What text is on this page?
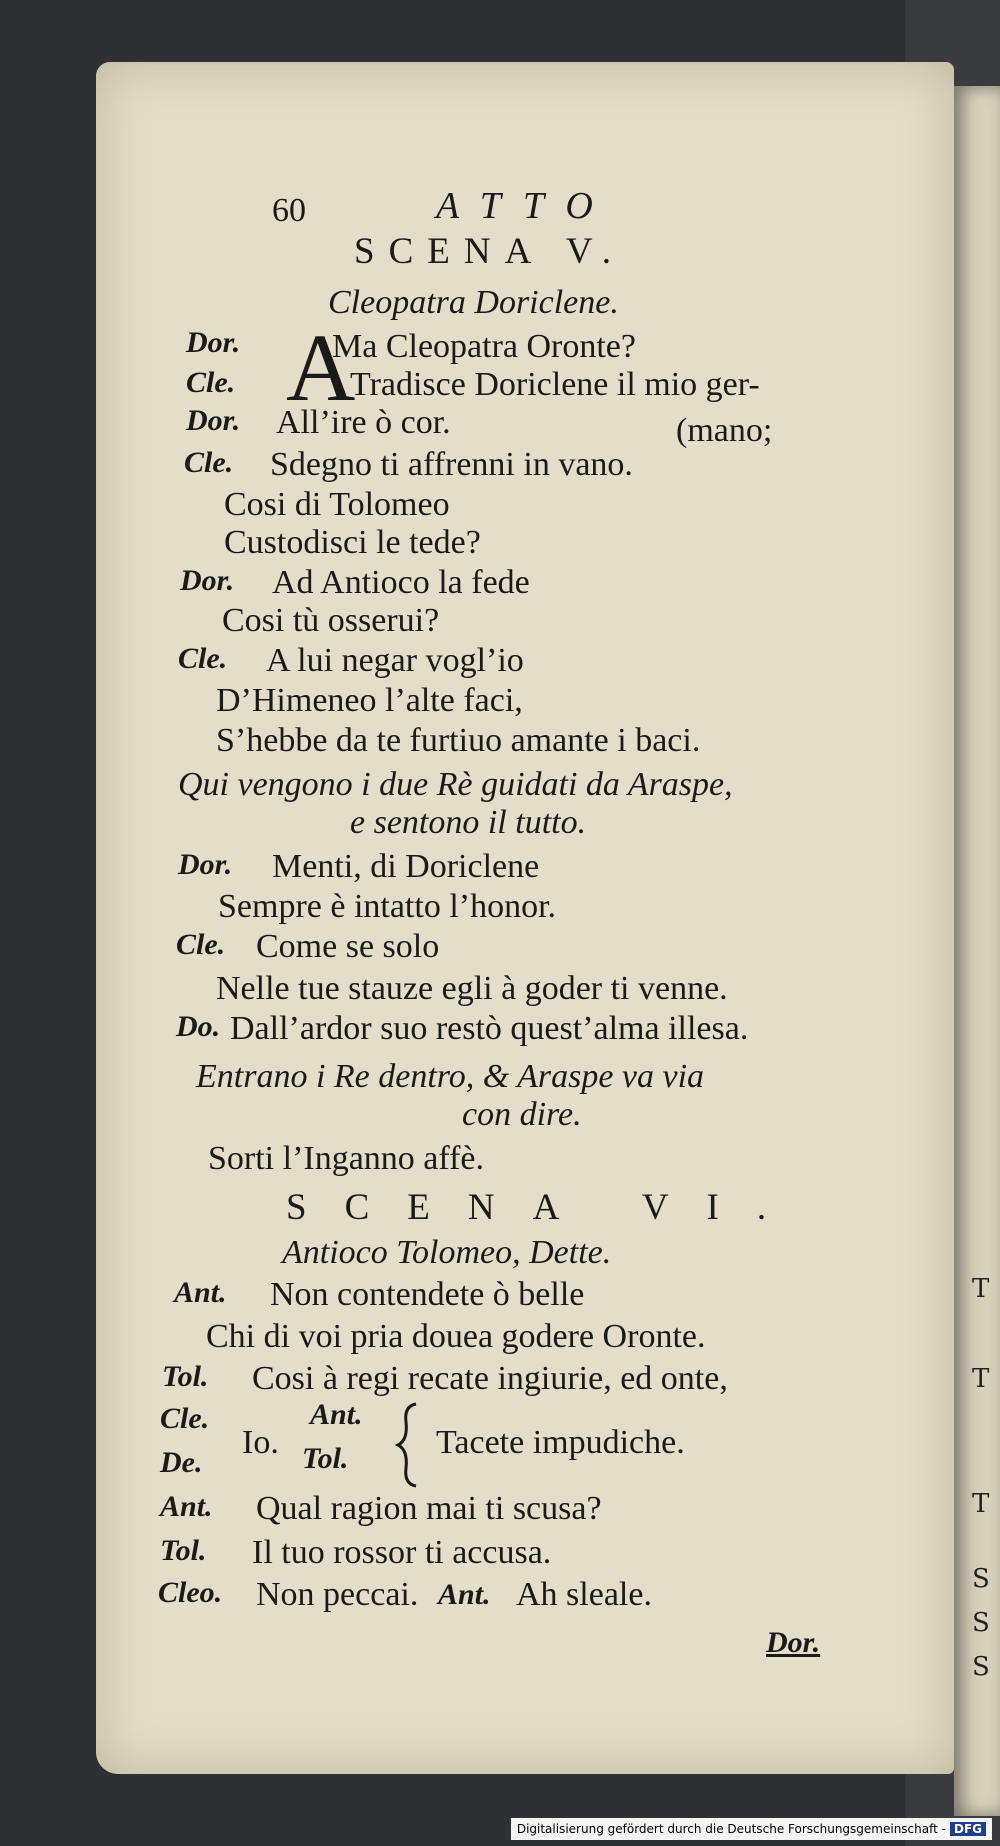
T
T
T
S
S
S
60	ATTO
SCENA V.
Cleopatra Doriclene.
A
Dor.	Ma Cleopatra Oronte?
Cle.	Tradisce Doriclene il mio ger-
Dor. All’ire ò cor.	(mano;
Cle. Sdegno ti affrenni in vano.
Cosi di Tolomeo
Custodisci le tede?
Dor. Ad Antioco la fede
Cosi tù osserui?
Cle. A lui negar vogl’io
D’Himeneo l’alte faci,
S’hebbe da te furtiuo amante i baci.
Qui vengono i due Rè guidati da Araspe,
e sentono il tutto.
Dor. Menti, di Doriclene
Sempre è intatto l’honor.
Cle. Come se solo
Nelle tue stauze egli à goder ti venne.
Do. Dall’ardor suo restò quest’alma illesa.
Entrano i Re dentro, & Araspe va via
con dire.
Sorti l’Inganno affè.
SCENA VI.
Antioco Tolomeo, Dette.
Ant. Non contendete ò belle
Chi di voi pria doueа godere Oronte.
Tol. Cosi à regi recate ingiurie, ed onte,
Cle.
De.
Io.
Ant.
Tol.	Tacete impudiche.
Ant. Qual ragion mai ti scusa?
Tol. Il tuo rossor ti accusa.
Cleo. Non peccai. Ant. Ah sleale.
Dor.
Digitalisierung gefördert durch die Deutsche Forschungsgemeinschaft - DFG
